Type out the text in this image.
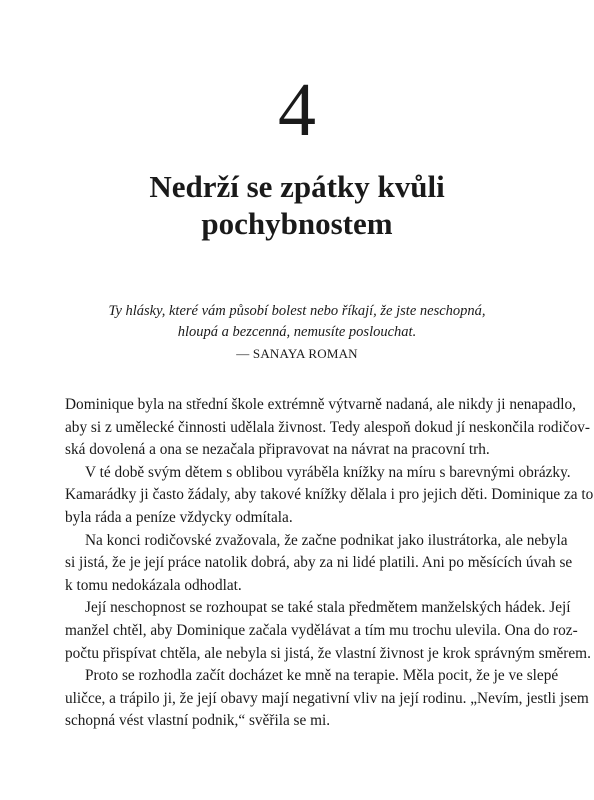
4
Nedrží se zpátky kvůli
pochybnostem
Ty hlásky, které vám působí bolest nebo říkají, že jste neschopná,
hloupá a bezcenná, nemusíte poslouchat.
— SANAYA ROMAN
Dominique byla na střední škole extrémně výtvarně nadaná, ale nikdy ji nenapadlo,
aby si z umělecké činnosti udělala živnost. Tedy alespoň dokud jí neskončila rodičov-
ská dovolená a ona se nezačala připravovat na návrat na pracovní trh.
V té době svým dětem s oblibou vyráběla knížky na míru s barevnými obrázky.
Kamarádky ji často žádaly, aby takové knížky dělala i pro jejich děti. Dominique za to
byla ráda a peníze vždycky odmítala.
Na konci rodičovské zvažovala, že začne podnikat jako ilustrátorka, ale nebyla
si jistá, že je její práce natolik dobrá, aby za ni lidé platili. Ani po měsících úvah se
k tomu nedokázala odhodlat.
Její neschopnost se rozhoupat se také stala předmětem manželských hádek. Její
manžel chtěl, aby Dominique začala vydělávat a tím mu trochu ulevila. Ona do roz-
počtu přispívat chtěla, ale nebyla si jistá, že vlastní živnost je krok správným směrem.
Proto se rozhodla začít docházet ke mně na terapie. Měla pocit, že je ve slepé
uličce, a trápilo ji, že její obavy mají negativní vliv na její rodinu. „Nevím, jestli jsem
schopná vést vlastní podnik,“ svěřila se mi.
